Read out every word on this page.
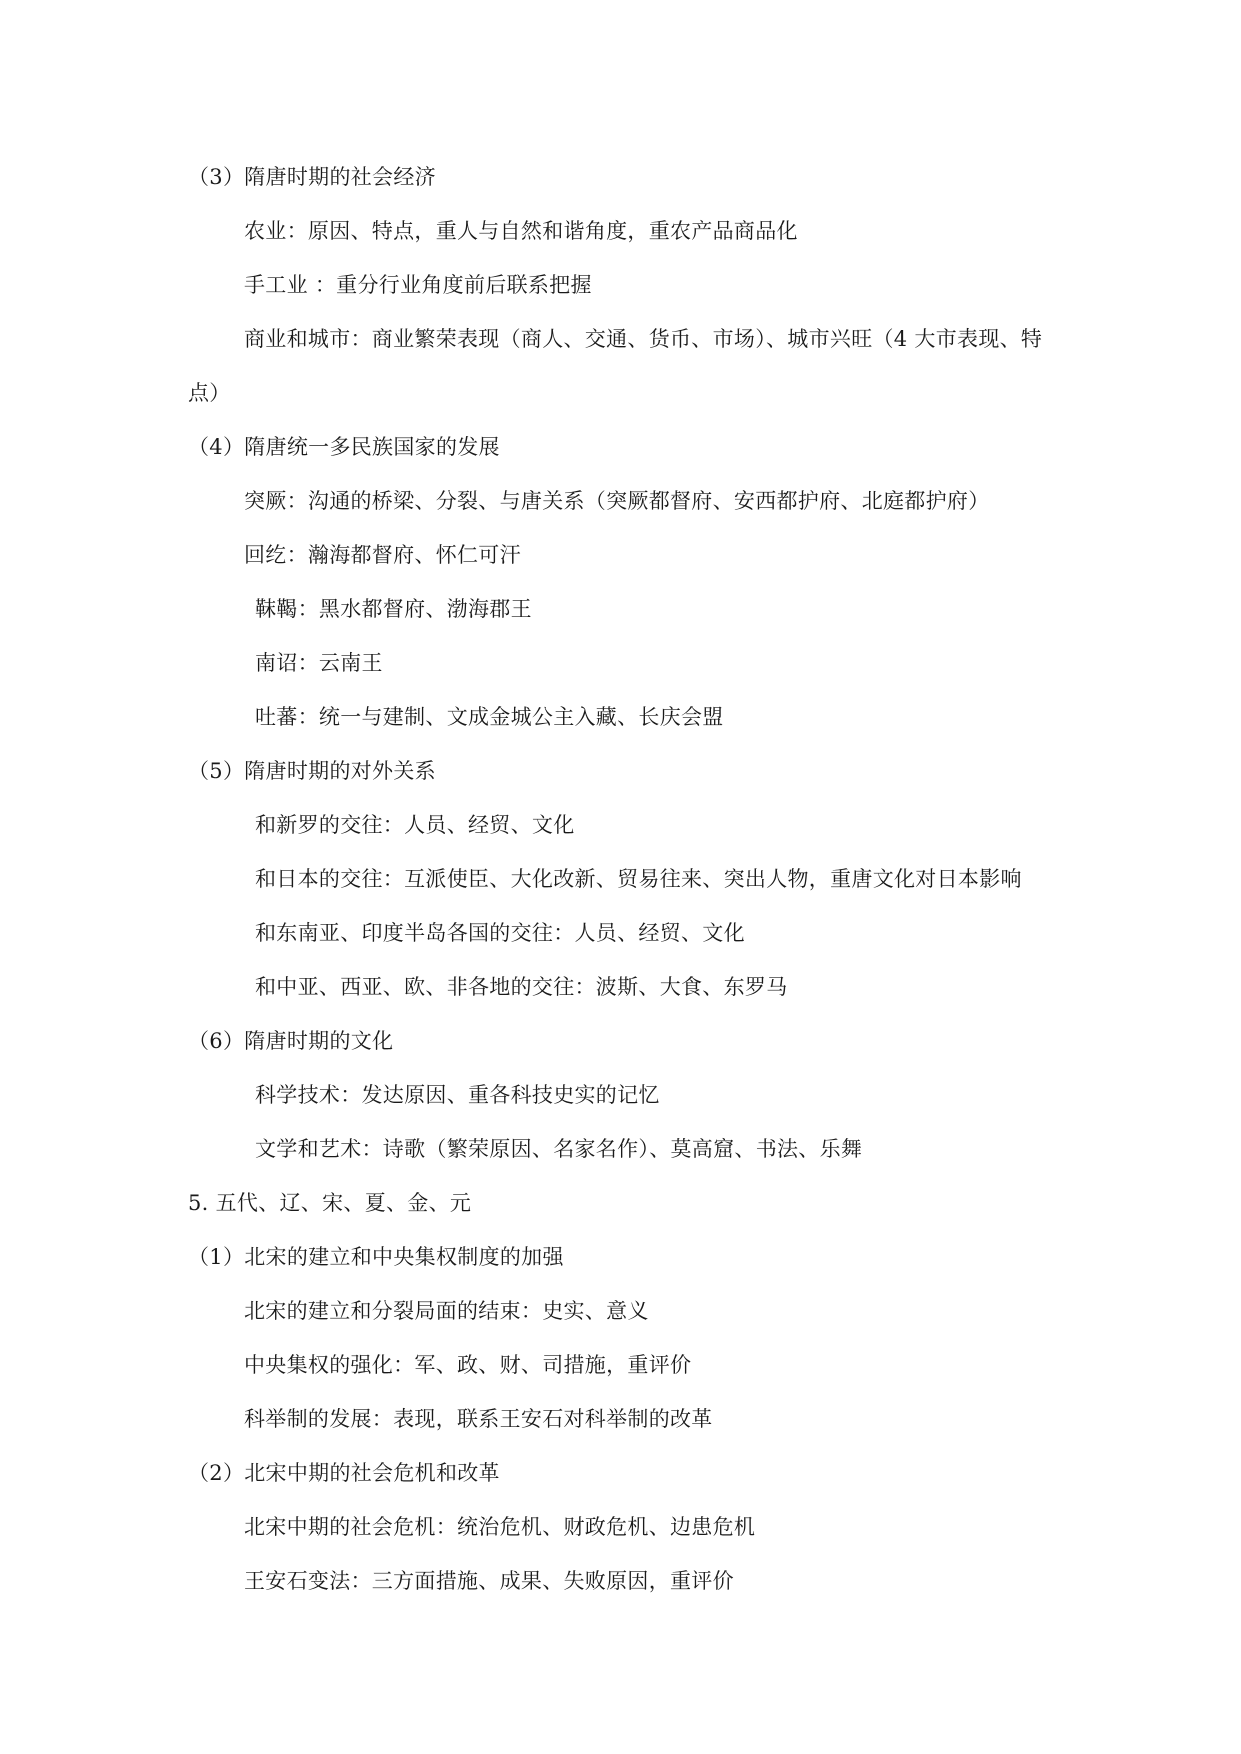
（3）隋唐时期的社会经济
农业：原因、特点，重人与自然和谐角度，重农产品商品化
手工业 ：重分行业角度前后联系把握
商业和城市：商业繁荣表现（商人、交通、货币、市场）、城市兴旺（4 大市表现、特
点）
（4）隋唐统一多民族国家的发展
突厥：沟通的桥梁、分裂、与唐关系（突厥都督府、安西都护府、北庭都护府）
回纥：瀚海都督府、怀仁可汗
靺鞨：黑水都督府、渤海郡王
南诏：云南王
吐蕃：统一与建制、文成金城公主入藏、长庆会盟
（5）隋唐时期的对外关系
和新罗的交往：人员、经贸、文化
和日本的交往：互派使臣、大化改新、贸易往来、突出人物，重唐文化对日本影响
和东南亚、印度半岛各国的交往：人员、经贸、文化
和中亚、西亚、欧、非各地的交往：波斯、大食、东罗马
（6）隋唐时期的文化
科学技术：发达原因、重各科技史实的记忆
文学和艺术：诗歌（繁荣原因、名家名作）、莫高窟、书法、乐舞
5. 五代、辽、宋、夏、金、元
（1）北宋的建立和中央集权制度的加强
北宋的建立和分裂局面的结束：史实、意义
中央集权的强化：军、政、财、司措施，重评价
科举制的发展：表现，联系王安石对科举制的改革
（2）北宋中期的社会危机和改革
北宋中期的社会危机：统治危机、财政危机、边患危机
王安石变法：三方面措施、成果、失败原因，重评价
